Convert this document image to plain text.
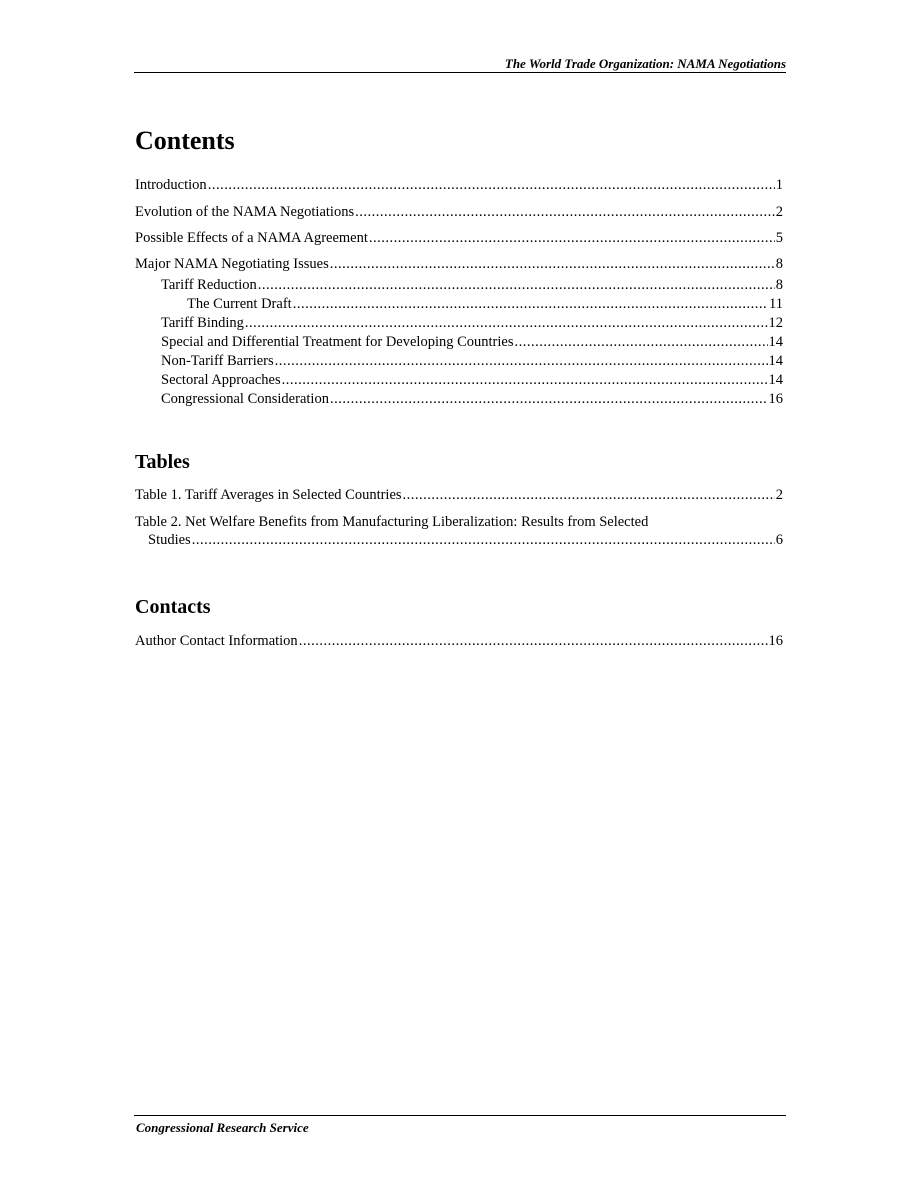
The World Trade Organization: NAMA Negotiations
Contents
Introduction .....	1
Evolution of the NAMA Negotiations .....	2
Possible Effects of a NAMA Agreement .....	5
Major NAMA Negotiating Issues .....	8
Tariff Reduction .....	8
The Current Draft .....	11
Tariff Binding .....	12
Special and Differential Treatment for Developing Countries .....	14
Non-Tariff Barriers .....	14
Sectoral Approaches .....	14
Congressional Consideration .....	16
Tables
Table 1. Tariff Averages in Selected Countries .....	2
Table 2. Net Welfare Benefits from Manufacturing Liberalization: Results from Selected
Studies .....	6
Contacts
Author Contact Information .....	16
Congressional Research Service
